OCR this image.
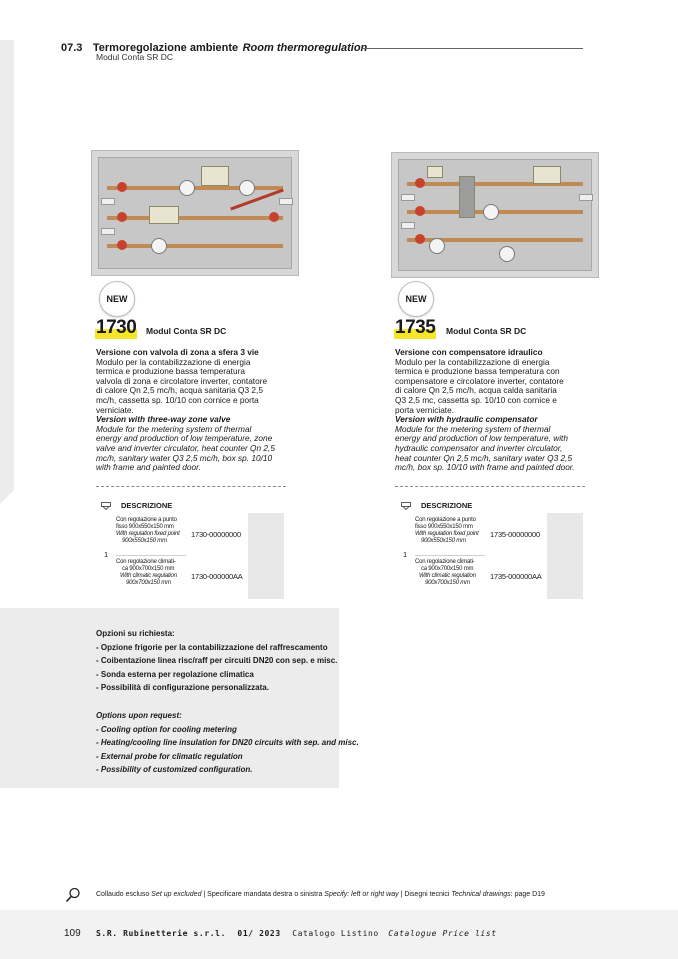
07.3 Termoregolazione ambiente Room thermoregulation
Modul Conta SR DC
NEW	NEW
1730 Modul Conta SR DC	1735 Modul Conta SR DC
Versione con valvola di zona a sfera 3 vie
Modulo per la contabilizzazione di energia
termica e produzione bassa temperatura
valvola di zona e circolatore inverter, contatore
di calore Qn 2,5 mc/h, acqua sanitaria Q3 2,5
mc/h, cassetta sp. 10/10 con cornice e porta
verniciate.
Version with three-way zone valve
Module for the metering system of thermal
energy and production of low temperature, zone
valve and inverter circulator, heat counter Qn 2,5
mc/h, sanitary water Q3 2,5 mc/h, box sp. 10/10
with frame and painted door.
Versione con compensatore idraulico
Modulo per la contabilizzazione di energia
termica e produzione bassa temperatura con
compensatore e circolatore inverter, contatore
di calore Qn 2,5 mc/h, acqua calda sanitaria
Q3 2,5 mc, cassetta sp. 10/10 con cornice e
porta verniciate.
Version with hydraulic compensator
Module for the metering system of thermal
energy and production of low temperature, with
hydraulic compensator and inverter circulator,
heat counter Qn 2,5 mc/h, sanitary water Q3 2,5
mc/h, box sp. 10/10 with frame and painted door.
DESCRIZIONE
1
Con regolazione a punto
fisso 900x550x150 mm
With regulation fixed point
900x550x150 mm
1730-00000000
Con regolazione climati-
ca 900x700x150 mm
With climatic regulation
900x700x150 mm
1730-000000AA
DESCRIZIONE
1
Con regolazione a punto
fisso 900x550x150 mm
With regulation fixed point
900x550x150 mm
1735-00000000
Con regolazione climati-
ca 900x700x150 mm
With climatic regulation
900x700x150 mm
1735-000000AA
Opzioni su richiesta:
- Opzione frigorie per la contabilizzazione del raffrescamento
- Coibentazione linea risc/raff per circuiti DN20 con sep. e misc.
- Sonda esterna per regolazione climatica
- Possibilità di configurazione personalizzata.
Options upon request:
- Cooling option for cooling metering
- Heating/cooling line insulation for DN20 circuits with sep. and misc.
- External probe for climatic regulation
- Possibility of customized configuration.
Collaudo escluso Set up excluded | Specificare mandata destra o sinistra Specify: left or right way | Disegni tecnici Technical drawings: page D19
109 S.R. Rubinetterie s.r.l. 01/ 2023 Catalogo Listino Catalogue Price list
